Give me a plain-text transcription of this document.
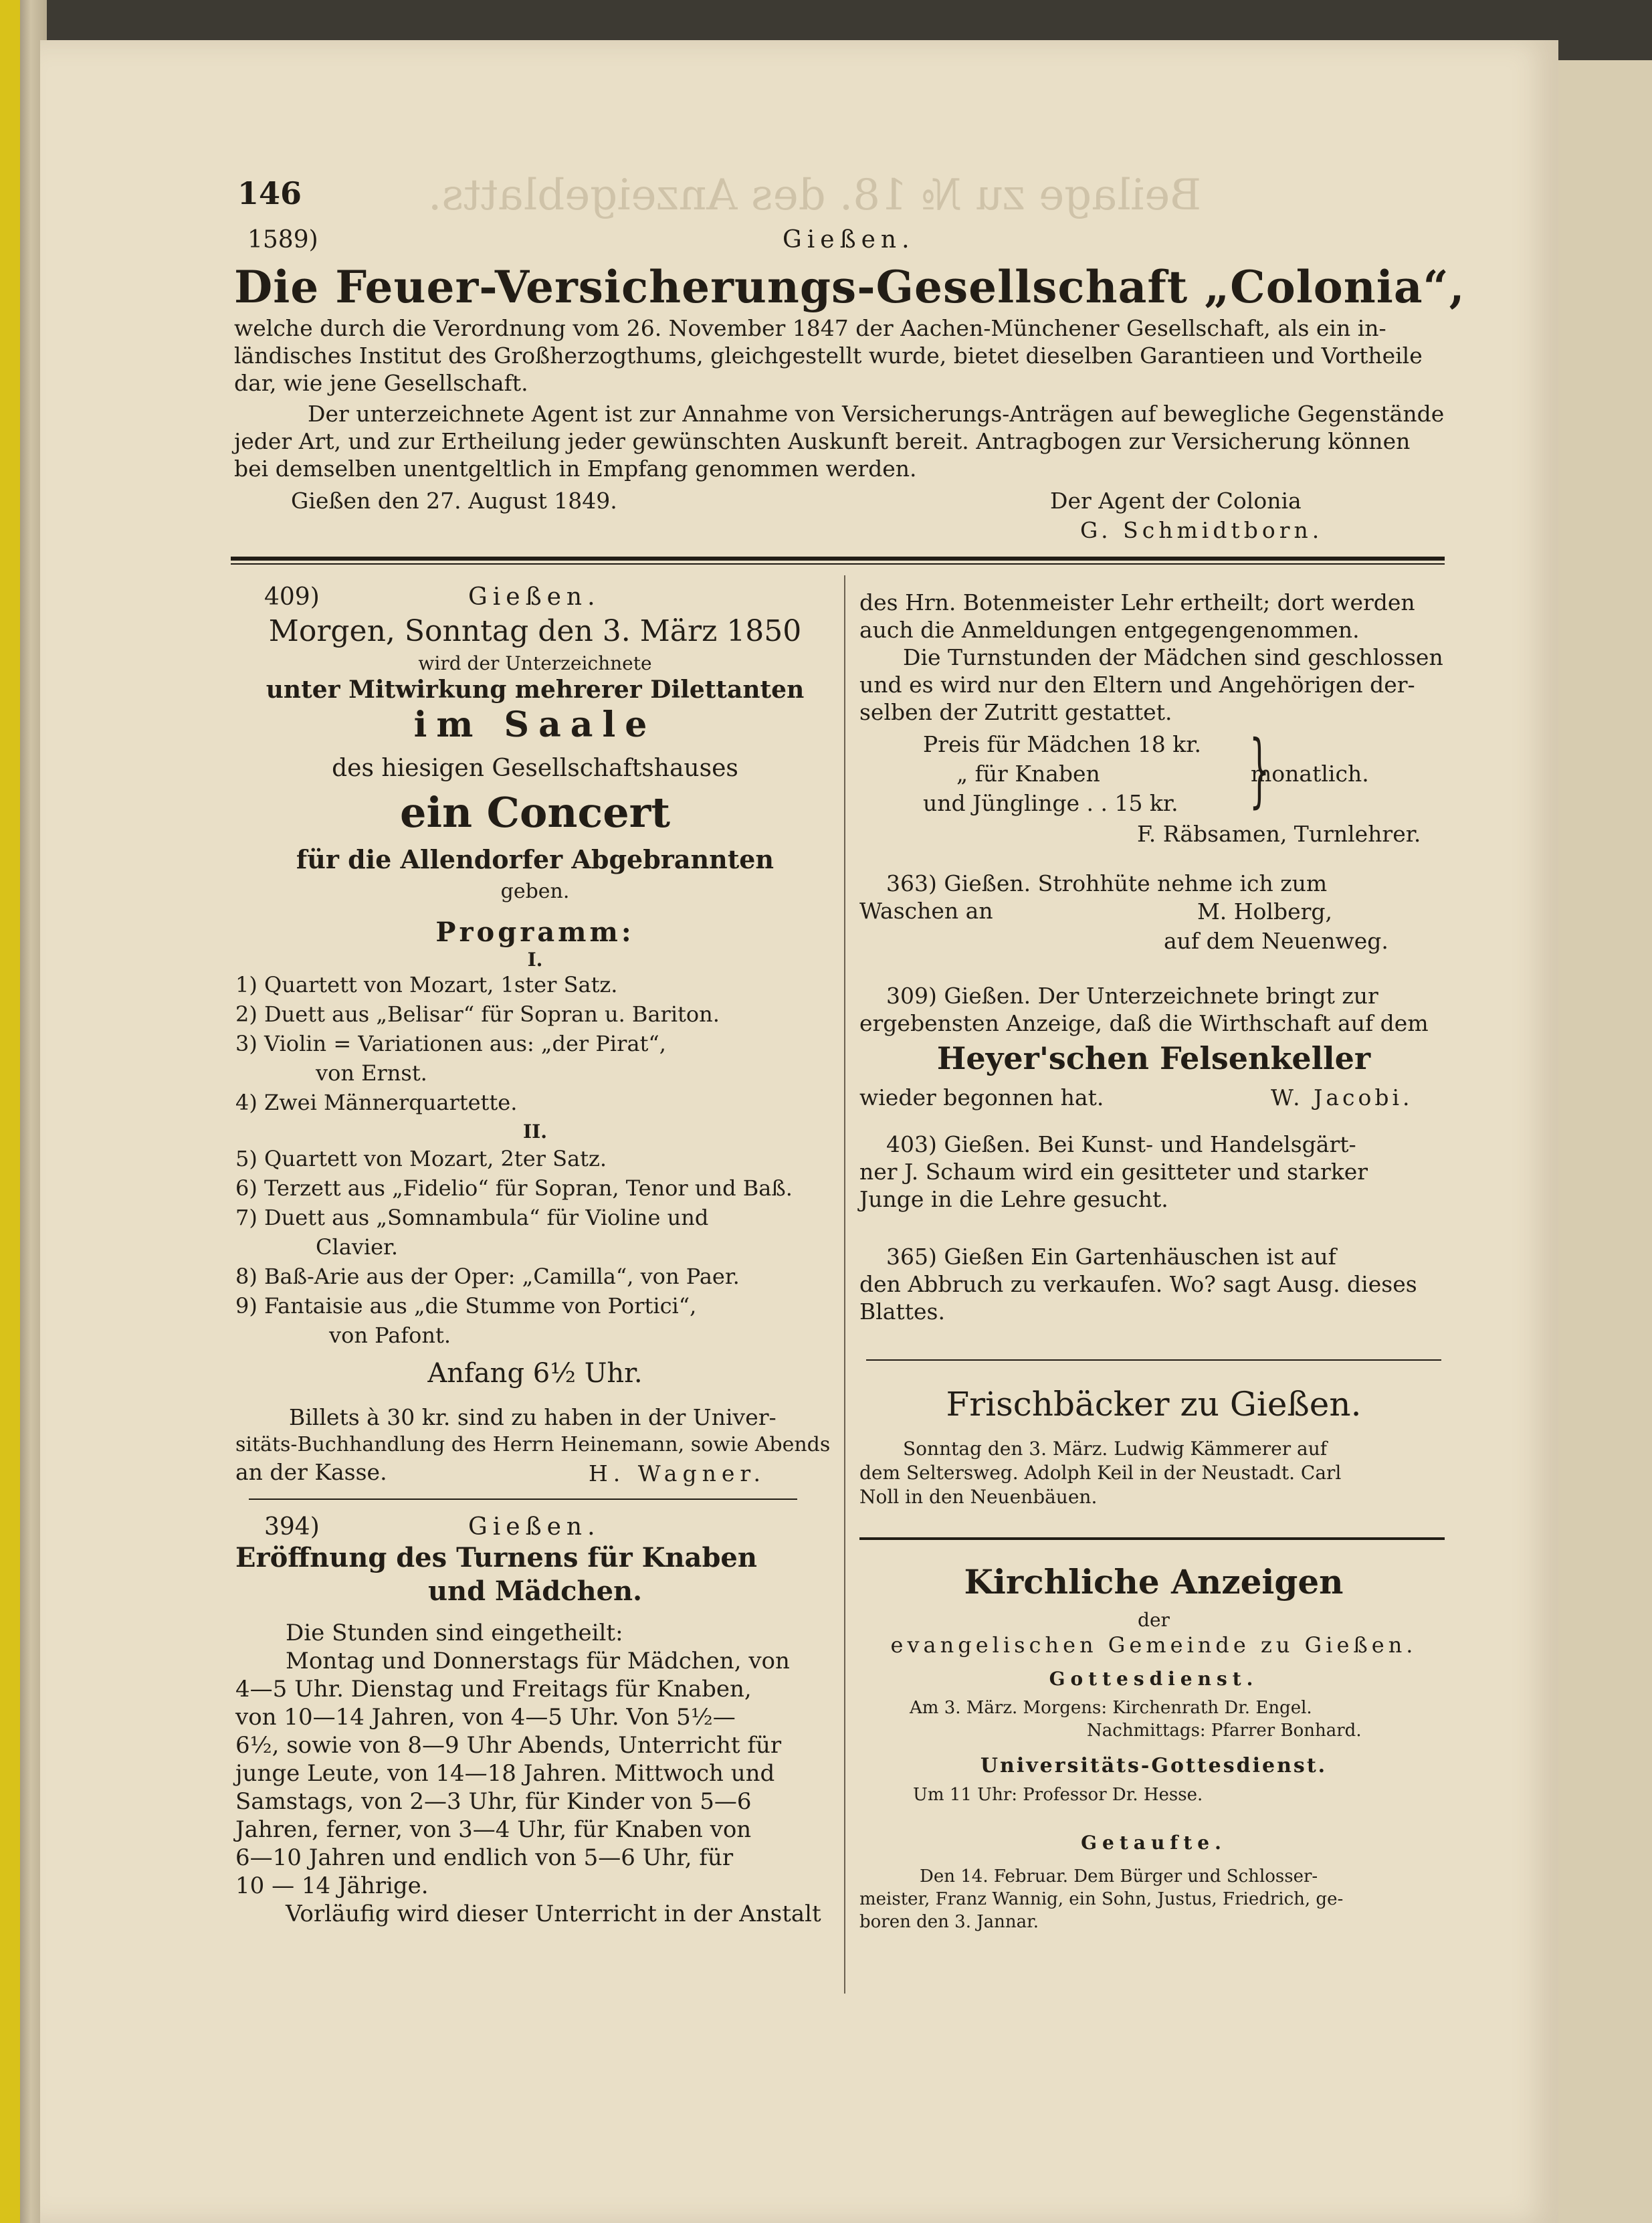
Beilage zu № 18. des Anzeigeblatts.
146
1589)	Gießen.
Die Feuer-Versicherungs-Gesellschaft „Colonia“,
welche durch die Verordnung vom 26. November 1847 der Aachen-Münchener Gesellschaft, als ein in-
ländisches Institut des Großherzogthums, gleichgestellt wurde, bietet dieselben Garantieen und Vortheile
dar, wie jene Gesellschaft.
Der unterzeichnete Agent ist zur Annahme von Versicherungs-Anträgen auf bewegliche Gegenstände
jeder Art, und zur Ertheilung jeder gewünschten Auskunft bereit. Antragbogen zur Versicherung können
bei demselben unentgeltlich in Empfang genommen werden.
Gießen den 27. August 1849.	Der Agent der Colonia
G. Schmidtborn.
409)	Gießen.
Morgen, Sonntag den 3. März 1850
wird der Unterzeichnete
unter Mitwirkung mehrerer Dilettanten
im Saale
des hiesigen Gesellschaftshauses
ein Concert
für die Allendorfer Abgebrannten
geben.
Programm:
I.

1) Quartett von Mozart, 1ster Satz.

2) Duett aus „Belisar“ für Sopran u. Bariton.

3) Violin = Variationen aus: „der Pirat“,

von Ernst.

4) Zwei Männerquartette.

II.

5) Quartett von Mozart, 2ter Satz.

6) Terzett aus „Fidelio“ für Sopran, Tenor und Baß.

7) Duett aus „Somnambula“ für Violine und

Clavier.

8) Baß-Arie aus der Oper: „Camilla“, von Paer.

9) Fantaisie aus „die Stumme von Portici“,

von Pafont.

Anfang 6½ Uhr.
Billets à 30 kr. sind zu haben in der Univer-
sitäts-Buchhandlung des Herrn Heinemann, sowie Abends
an der Kasse.	H. Wagner.
394)	Gießen.
Eröffnung des Turnens für Knaben
und Mädchen.
Die Stunden sind eingetheilt:
Montag und Donnerstags für Mädchen, von
4—5 Uhr. Dienstag und Freitags für Knaben,
von 10—14 Jahren, von 4—5 Uhr. Von 5½—
6½, sowie von 8—9 Uhr Abends, Unterricht für
junge Leute, von 14—18 Jahren. Mittwoch und
Samstags, von 2—3 Uhr, für Kinder von 5—6
Jahren, ferner, von 3—4 Uhr, für Knaben von
6—10 Jahren und endlich von 5—6 Uhr, für
10 — 14 Jährige.
Vorläufig wird dieser Unterricht in der Anstalt
des Hrn. Botenmeister Lehr ertheilt; dort werden
auch die Anmeldungen entgegengenommen.
Die Turnstunden der Mädchen sind geschlossen
und es wird nur den Eltern und Angehörigen der-
selben der Zutritt gestattet.
Preis für Mädchen 18 kr.
„ für Knaben
und Jünglinge . . 15 kr. }
monatlich.
F. Räbsamen, Turnlehrer.
363) Gießen. Strohhüte nehme ich zum
Waschen an	M. Holberg,
auf dem Neuenweg.
309) Gießen. Der Unterzeichnete bringt zur
ergebensten Anzeige, daß die Wirthschaft auf dem
Heyer'schen Felsenkeller
wieder begonnen hat.	W. Jacobi.
403) Gießen. Bei Kunst- und Handelsgärt-
ner J. Schaum wird ein gesitteter und starker
Junge in die Lehre gesucht.
365) Gießen Ein Gartenhäuschen ist auf
den Abbruch zu verkaufen. Wo? sagt Ausg. dieses
Blattes.
Frischbäcker zu Gießen.
Sonntag den 3. März. Ludwig Kämmerer auf
dem Seltersweg. Adolph Keil in der Neustadt. Carl
Noll in den Neuenbäuen.
Kirchliche Anzeigen
der
evangelischen Gemeinde zu Gießen.
Gottesdienst.
Am 3. März. Morgens: Kirchenrath Dr. Engel.
Nachmittags: Pfarrer Bonhard.
Universitäts-Gottesdienst.
Um 11 Uhr: Professor Dr. Hesse.
Getaufte.
Den 14. Februar. Dem Bürger und Schlosser-
meister, Franz Wannig, ein Sohn, Justus, Friedrich, ge-
boren den 3. Jannar.
